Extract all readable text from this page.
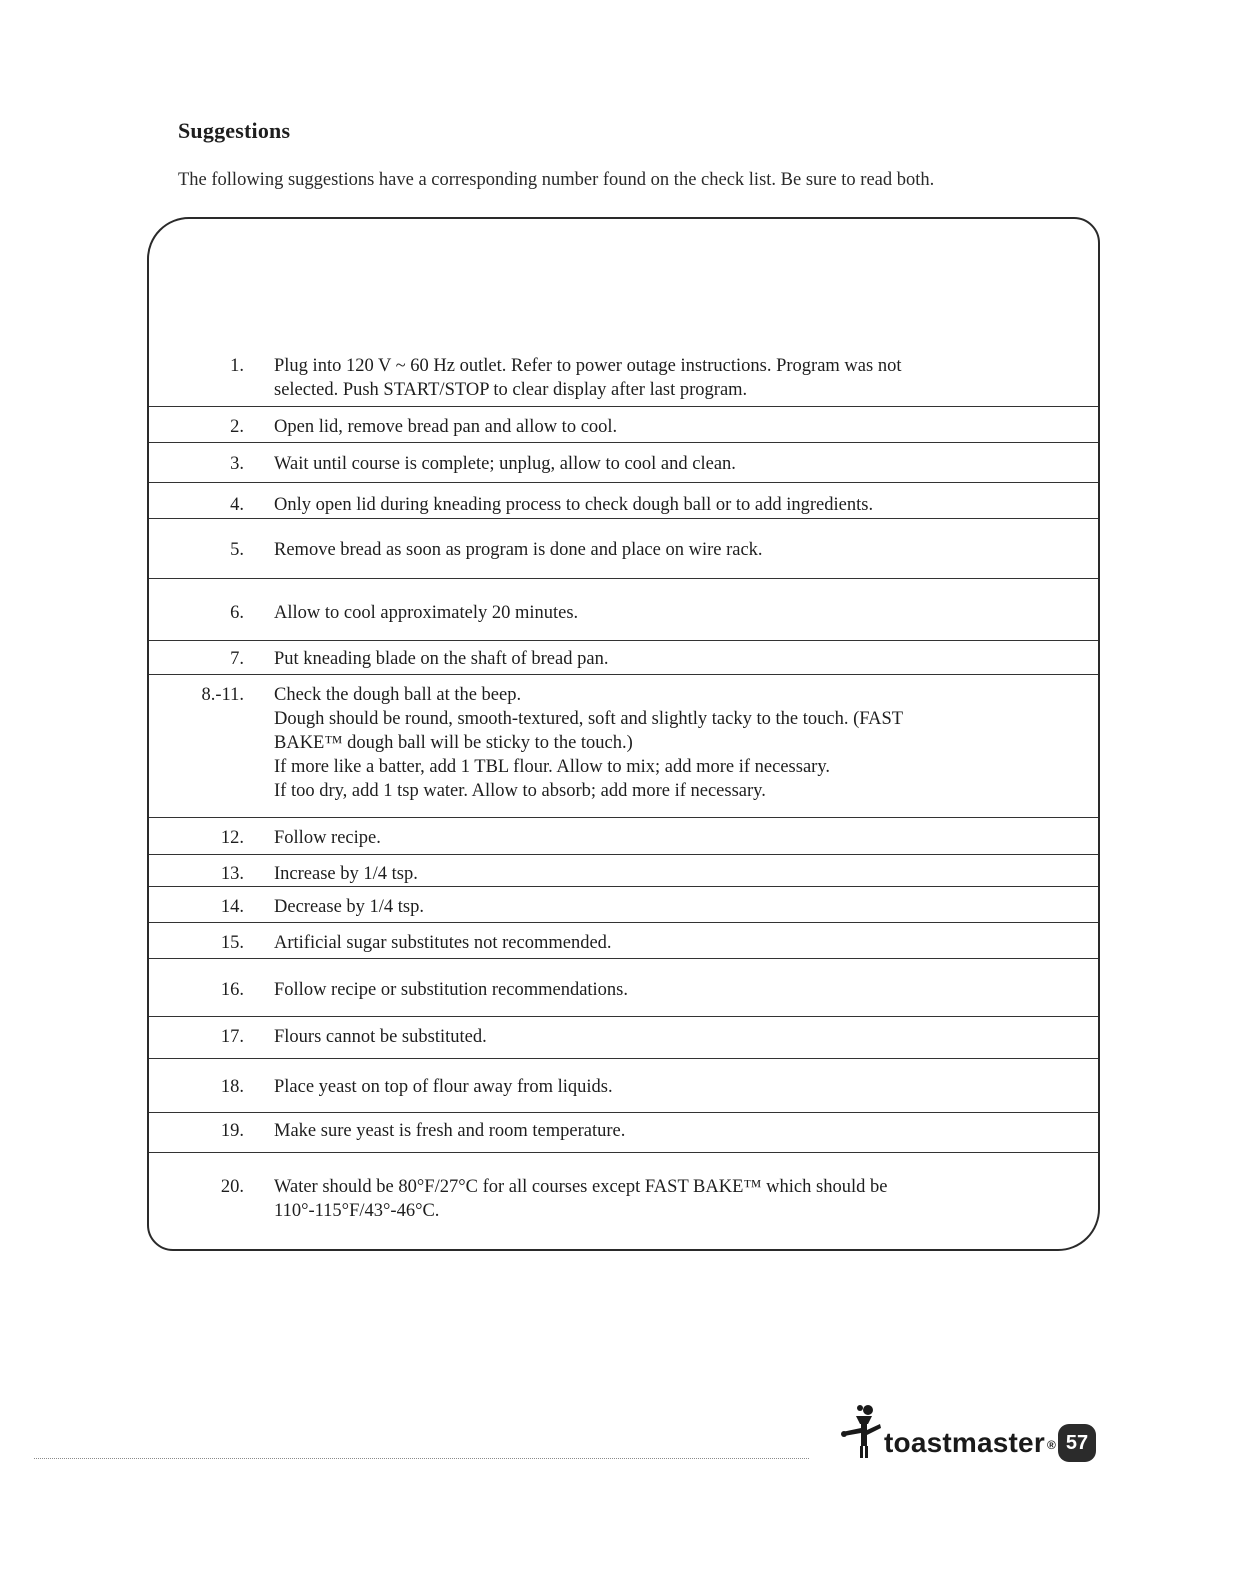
Suggestions

The following suggestions have a corresponding number found on the check list. Be sure to read both.

1. Plug into 120 V ~ 60 Hz outlet. Refer to power outage instructions. Program was not
selected. Push START/STOP to clear display after last program.
2. Open lid, remove bread pan and allow to cool.
3. Wait until course is complete; unplug, allow to cool and clean.
4. Only open lid during kneading process to check dough ball or to add ingredients.
5. Remove bread as soon as program is done and place on wire rack.
6. Allow to cool approximately 20 minutes.
7. Put kneading blade on the shaft of bread pan.
8.-11. Check the dough ball at the beep.
Dough should be round, smooth-textured, soft and slightly tacky to the touch. (FAST
BAKE™ dough ball will be sticky to the touch.)
If more like a batter, add 1 TBL flour. Allow to mix; add more if necessary.
If too dry, add 1 tsp water. Allow to absorb; add more if necessary.
12. Follow recipe.
13. Increase by 1/4 tsp.
14. Decrease by 1/4 tsp.
15. Artificial sugar substitutes not recommended.
16. Follow recipe or substitution recommendations.
17. Flours cannot be substituted.
18. Place yeast on top of flour away from liquids.
19. Make sure yeast is fresh and room temperature.
20. Water should be 80°F/27°C for all courses except FAST BAKE™ which should be
110°-115°F/43°-46°C.
toastmaster ® 57
